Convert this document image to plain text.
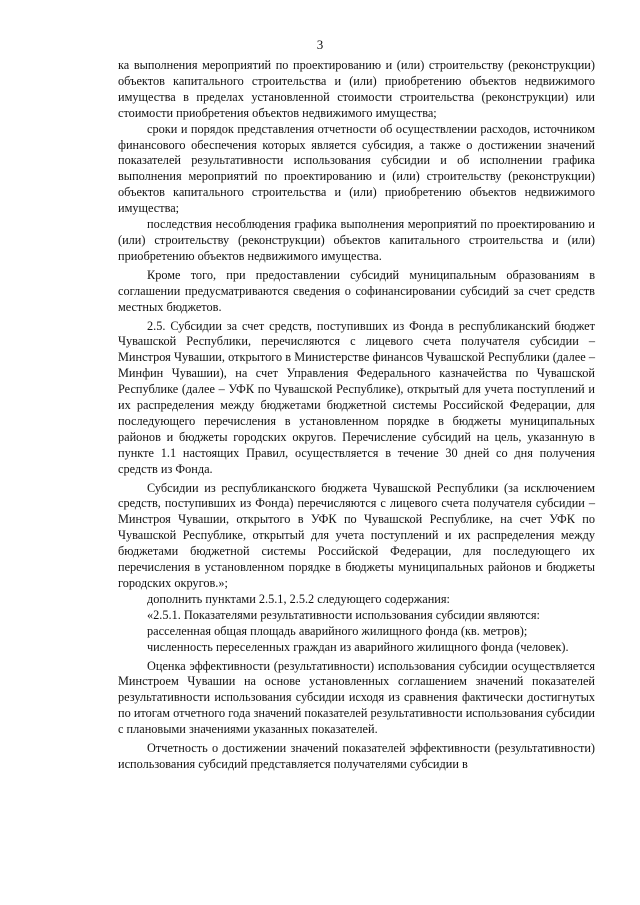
3

ка выполнения мероприятий по проектированию и (или) строительству (реконструкции) объектов капитального строительства и (или) приобретению объектов недвижимого имущества в пределах установленной стоимости строительства (реконструкции) или стоимости приобретения объектов недвижимого имущества;

сроки и порядок представления отчетности об осуществлении расходов, источником финансового обеспечения которых является субсидия, а также о достижении значений показателей результативности использования субсидии и об исполнении графика выполнения мероприятий по проектированию и (или) строительству (реконструкции) объектов капитального строительства и (или) приобретению объектов недвижимого имущества;

последствия несоблюдения графика выполнения мероприятий по проектированию и (или) строительству (реконструкции) объектов капитального строительства и (или) приобретению объектов недвижимого имущества.

Кроме того, при предоставлении субсидий муниципальным образованиям в соглашении предусматриваются сведения о софинансировании субсидий за счет средств местных бюджетов.

2.5. Субсидии за счет средств, поступивших из Фонда в республиканский бюджет Чувашской Республики, перечисляются с лицевого счета получателя субсидии – Минстроя Чувашии, открытого в Министерстве финансов Чувашской Республики (далее – Минфин Чувашии), на счет Управления Федерального казначейства по Чувашской Республике (далее – УФК по Чувашской Республике), открытый для учета поступлений и их распределения между бюджетами бюджетной системы Российской Федерации, для последующего перечисления в установленном порядке в бюджеты муниципальных районов и бюджеты городских округов. Перечисление субсидий на цель, указанную в пункте 1.1 настоящих Правил, осуществляется в течение 30 дней со дня получения средств из Фонда.

Субсидии из республиканского бюджета Чувашской Республики (за исключением средств, поступивших из Фонда) перечисляются с лицевого счета получателя субсидии – Минстроя Чувашии, открытого в УФК по Чувашской Республике, на счет УФК по Чувашской Республике, открытый для учета поступлений и их распределения между бюджетами бюджетной системы Российской Федерации, для последующего их перечисления в установленном порядке в бюджеты муниципальных районов и бюджеты городских округов.»;

дополнить пунктами 2.5.1, 2.5.2 следующего содержания:

«2.5.1. Показателями результативности использования субсидии являются:

расселенная общая площадь аварийного жилищного фонда (кв. метров);

численность переселенных граждан из аварийного жилищного фонда (человек).

Оценка эффективности (результативности) использования субсидии осуществляется Минстроем Чувашии на основе установленных соглашением значений показателей результативности использования субсидии исходя из сравнения фактически достигнутых по итогам отчетного года значений показателей результативности использования субсидии с плановыми значениями указанных показателей.

Отчетность о достижении значений показателей эффективности (результативности) использования субсидий представляется получателями субсидии в
